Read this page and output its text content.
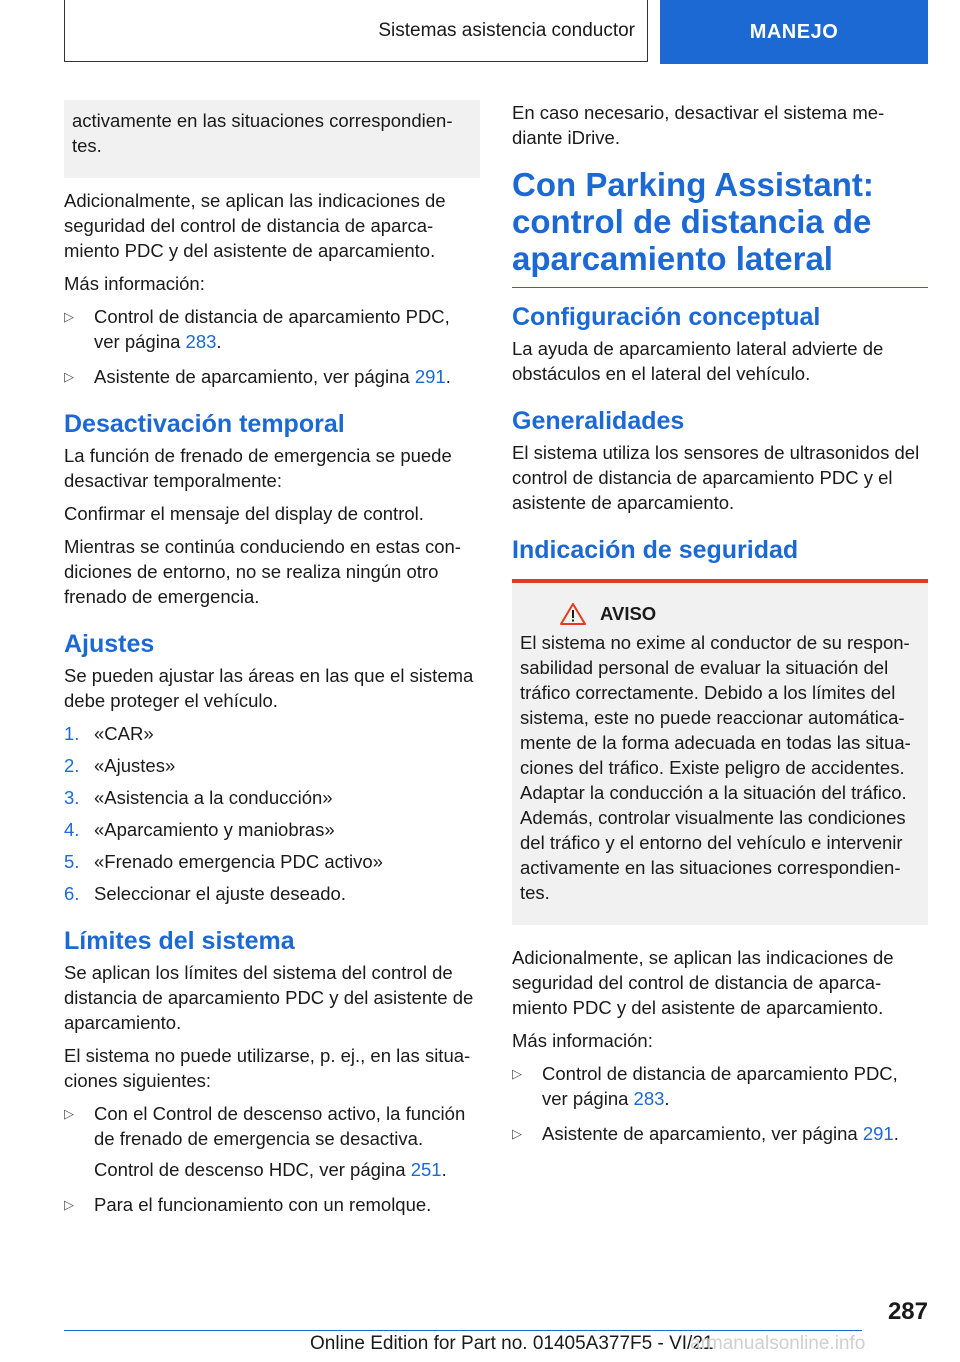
Sistemas asistencia conductor	MANEJO
activamente en las situaciones correspondien‐tes.

Adicionalmente, se aplican las indicaciones de seguridad del control de distancia de aparca‐miento PDC y del asistente de aparcamiento.

Más información:

▷ Control de distancia de aparcamiento PDC, ver página 283.
▷ Asistente de aparcamiento, ver página 291.
Desactivación temporal

La función de frenado de emergencia se puede desactivar temporalmente:

Confirmar el mensaje del display de control.

Mientras se continúa conduciendo en estas con‐diciones de entorno, no se realiza ningún otro frenado de emergencia.

Ajustes

Se pueden ajustar las áreas en las que el sistema debe proteger el vehículo.

1. «CAR»
2. «Ajustes»
3. «Asistencia a la conducción»
4. «Aparcamiento y maniobras»
5. «Frenado emergencia PDC activo»
6. Seleccionar el ajuste deseado.
Límites del sistema

Se aplican los límites del sistema del control de distancia de aparcamiento PDC y del asistente de aparcamiento.

El sistema no puede utilizarse, p. ej., en las situa‐ciones siguientes:

▷ Con el Control de descenso activo, la función de frenado de emergencia se desactiva.
Control de descenso HDC, ver página 251.
▷ Para el funcionamiento con un remolque.

En caso necesario, desactivar el sistema me‐diante iDrive.

Con Parking Assistant: control de distancia de aparcamiento lateral
Configuración conceptual

La ayuda de aparcamiento lateral advierte de obstáculos en el lateral del vehículo.

Generalidades

El sistema utiliza los sensores de ultrasonidos del control de distancia de aparcamiento PDC y el asistente de aparcamiento.

Indicación de seguridad
AVISO
El sistema no exime al conductor de su respon‐sabilidad personal de evaluar la situación del tráfico correctamente. Debido a los límites del sistema, este no puede reaccionar automática‐mente de la forma adecuada en todas las situa‐ciones del tráfico. Existe peligro de accidentes. Adaptar la conducción a la situación del tráfico. Además, controlar visualmente las condiciones del tráfico y el entorno del vehículo e intervenir activamente en las situaciones correspondien‐tes.

Adicionalmente, se aplican las indicaciones de seguridad del control de distancia de aparca‐miento PDC y del asistente de aparcamiento.

Más información:

▷ Control de distancia de aparcamiento PDC, ver página 283.
▷ Asistente de aparcamiento, ver página 291.
287
Online Edition for Part no. 01405A377F5 - VI/21
armanualsonline.info
